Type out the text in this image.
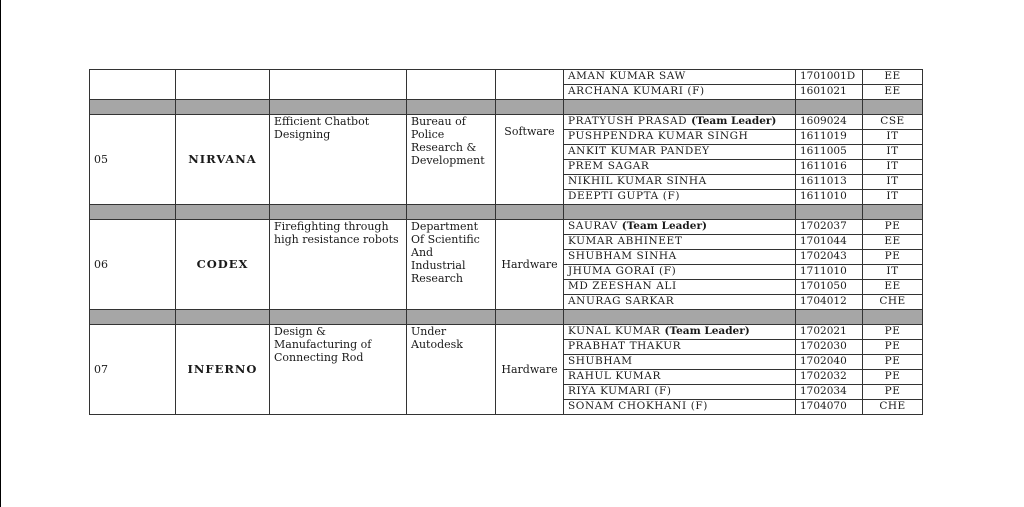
					AMAN KUMAR SAW	1701001D	EE
					ARCHANA KUMARI (F)	1601021	EE

05	NIRVANA	Efficient Chatbot Designing	Bureau of Police Research & Development	Software	PRATYUSH PRASAD (Team Leader)	1609024	CSE
					PUSHPENDRA KUMAR SINGH	1611019	IT
					ANKIT KUMAR PANDEY	1611005	IT
					PREM SAGAR	1611016	IT
					NIKHIL KUMAR SINHA	1611013	IT
					DEEPTI GUPTA (F)	1611010	IT

06	CODEX	Firefighting through high resistance robots	Department Of Scientific And Industrial Research	Hardware	SAURAV (Team Leader)	1702037	PE
					KUMAR ABHINEET	1701044	EE
					SHUBHAM SINHA	1702043	PE
					JHUMA GORAI (F)	1711010	IT
					MD ZEESHAN ALI	1701050	EE
					ANURAG SARKAR	1704012	CHE

07	INFERNO	Design & Manufacturing of Connecting Rod	Under Autodesk	Hardware	KUNAL KUMAR (Team Leader)	1702021	PE
					PRABHAT THAKUR	1702030	PE
					SHUBHAM	1702040	PE
					RAHUL KUMAR	1702032	PE
					RIYA KUMARI (F)	1702034	PE
					SONAM CHOKHANI (F)	1704070	CHE
